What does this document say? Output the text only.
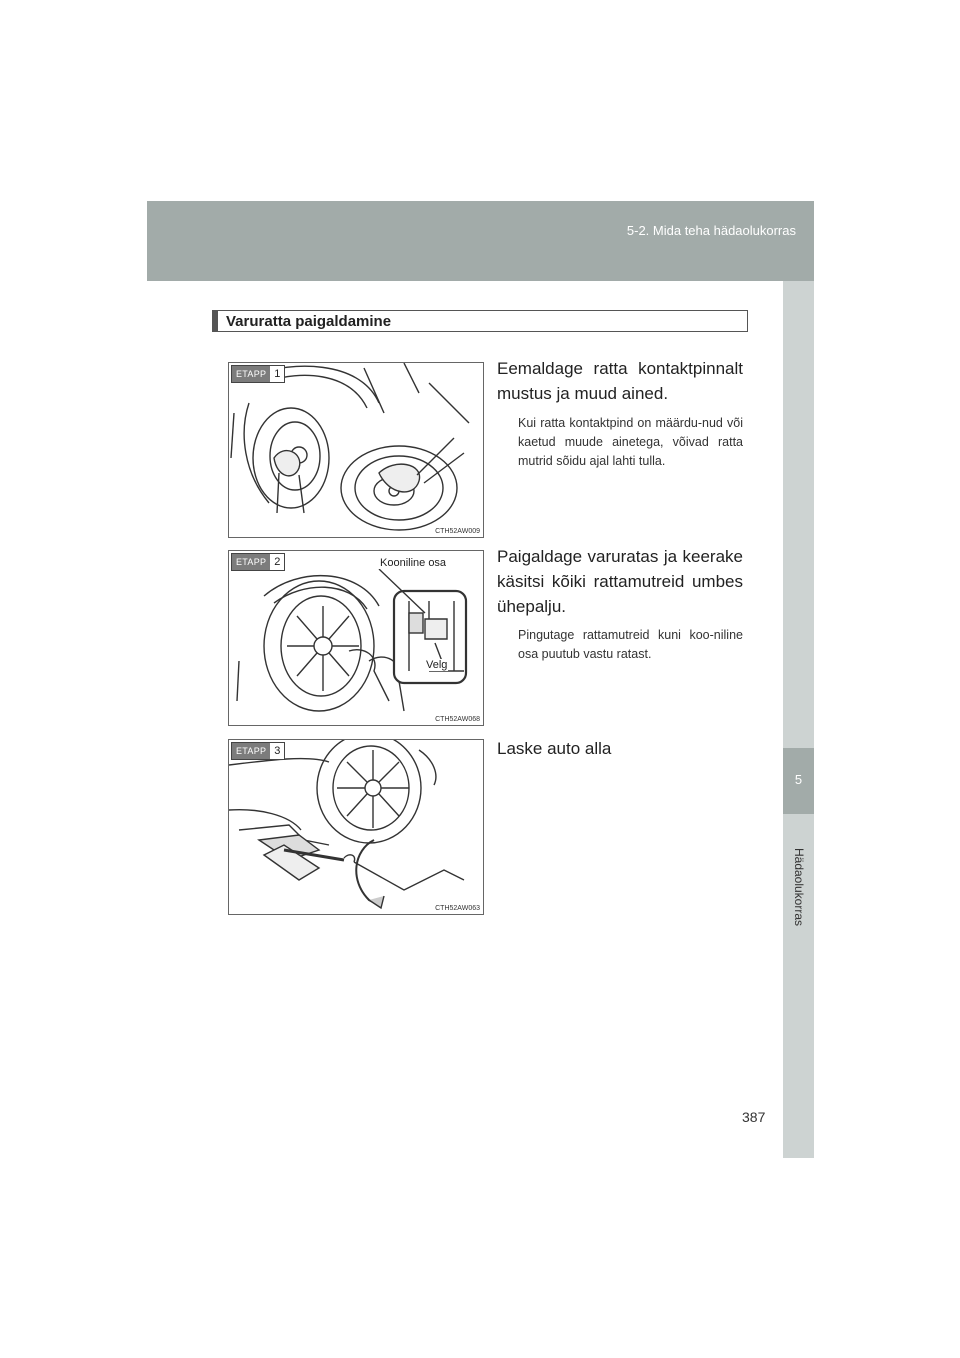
5-2. Mida teha hädaolukorras
5
Hädaolukorras
Varuratta paigaldamine
ETAPP 1
CTH52AW009
ETAPP 2	Kooniline osa
Velg
CTH52AW068
ETAPP 3
CTH52AW063
Eemaldage ratta kontaktpinnalt mustus ja muud ained.
Kui ratta kontaktpind on määrdu-nud või kaetud muude ainetega, võivad ratta mutrid sõidu ajal lahti tulla.
Paigaldage varuratas ja keerake käsitsi kõiki rattamutreid umbes ühepalju.
Pingutage rattamutreid kuni koo-niline osa puutub vastu ratast.
Laske auto alla
387
